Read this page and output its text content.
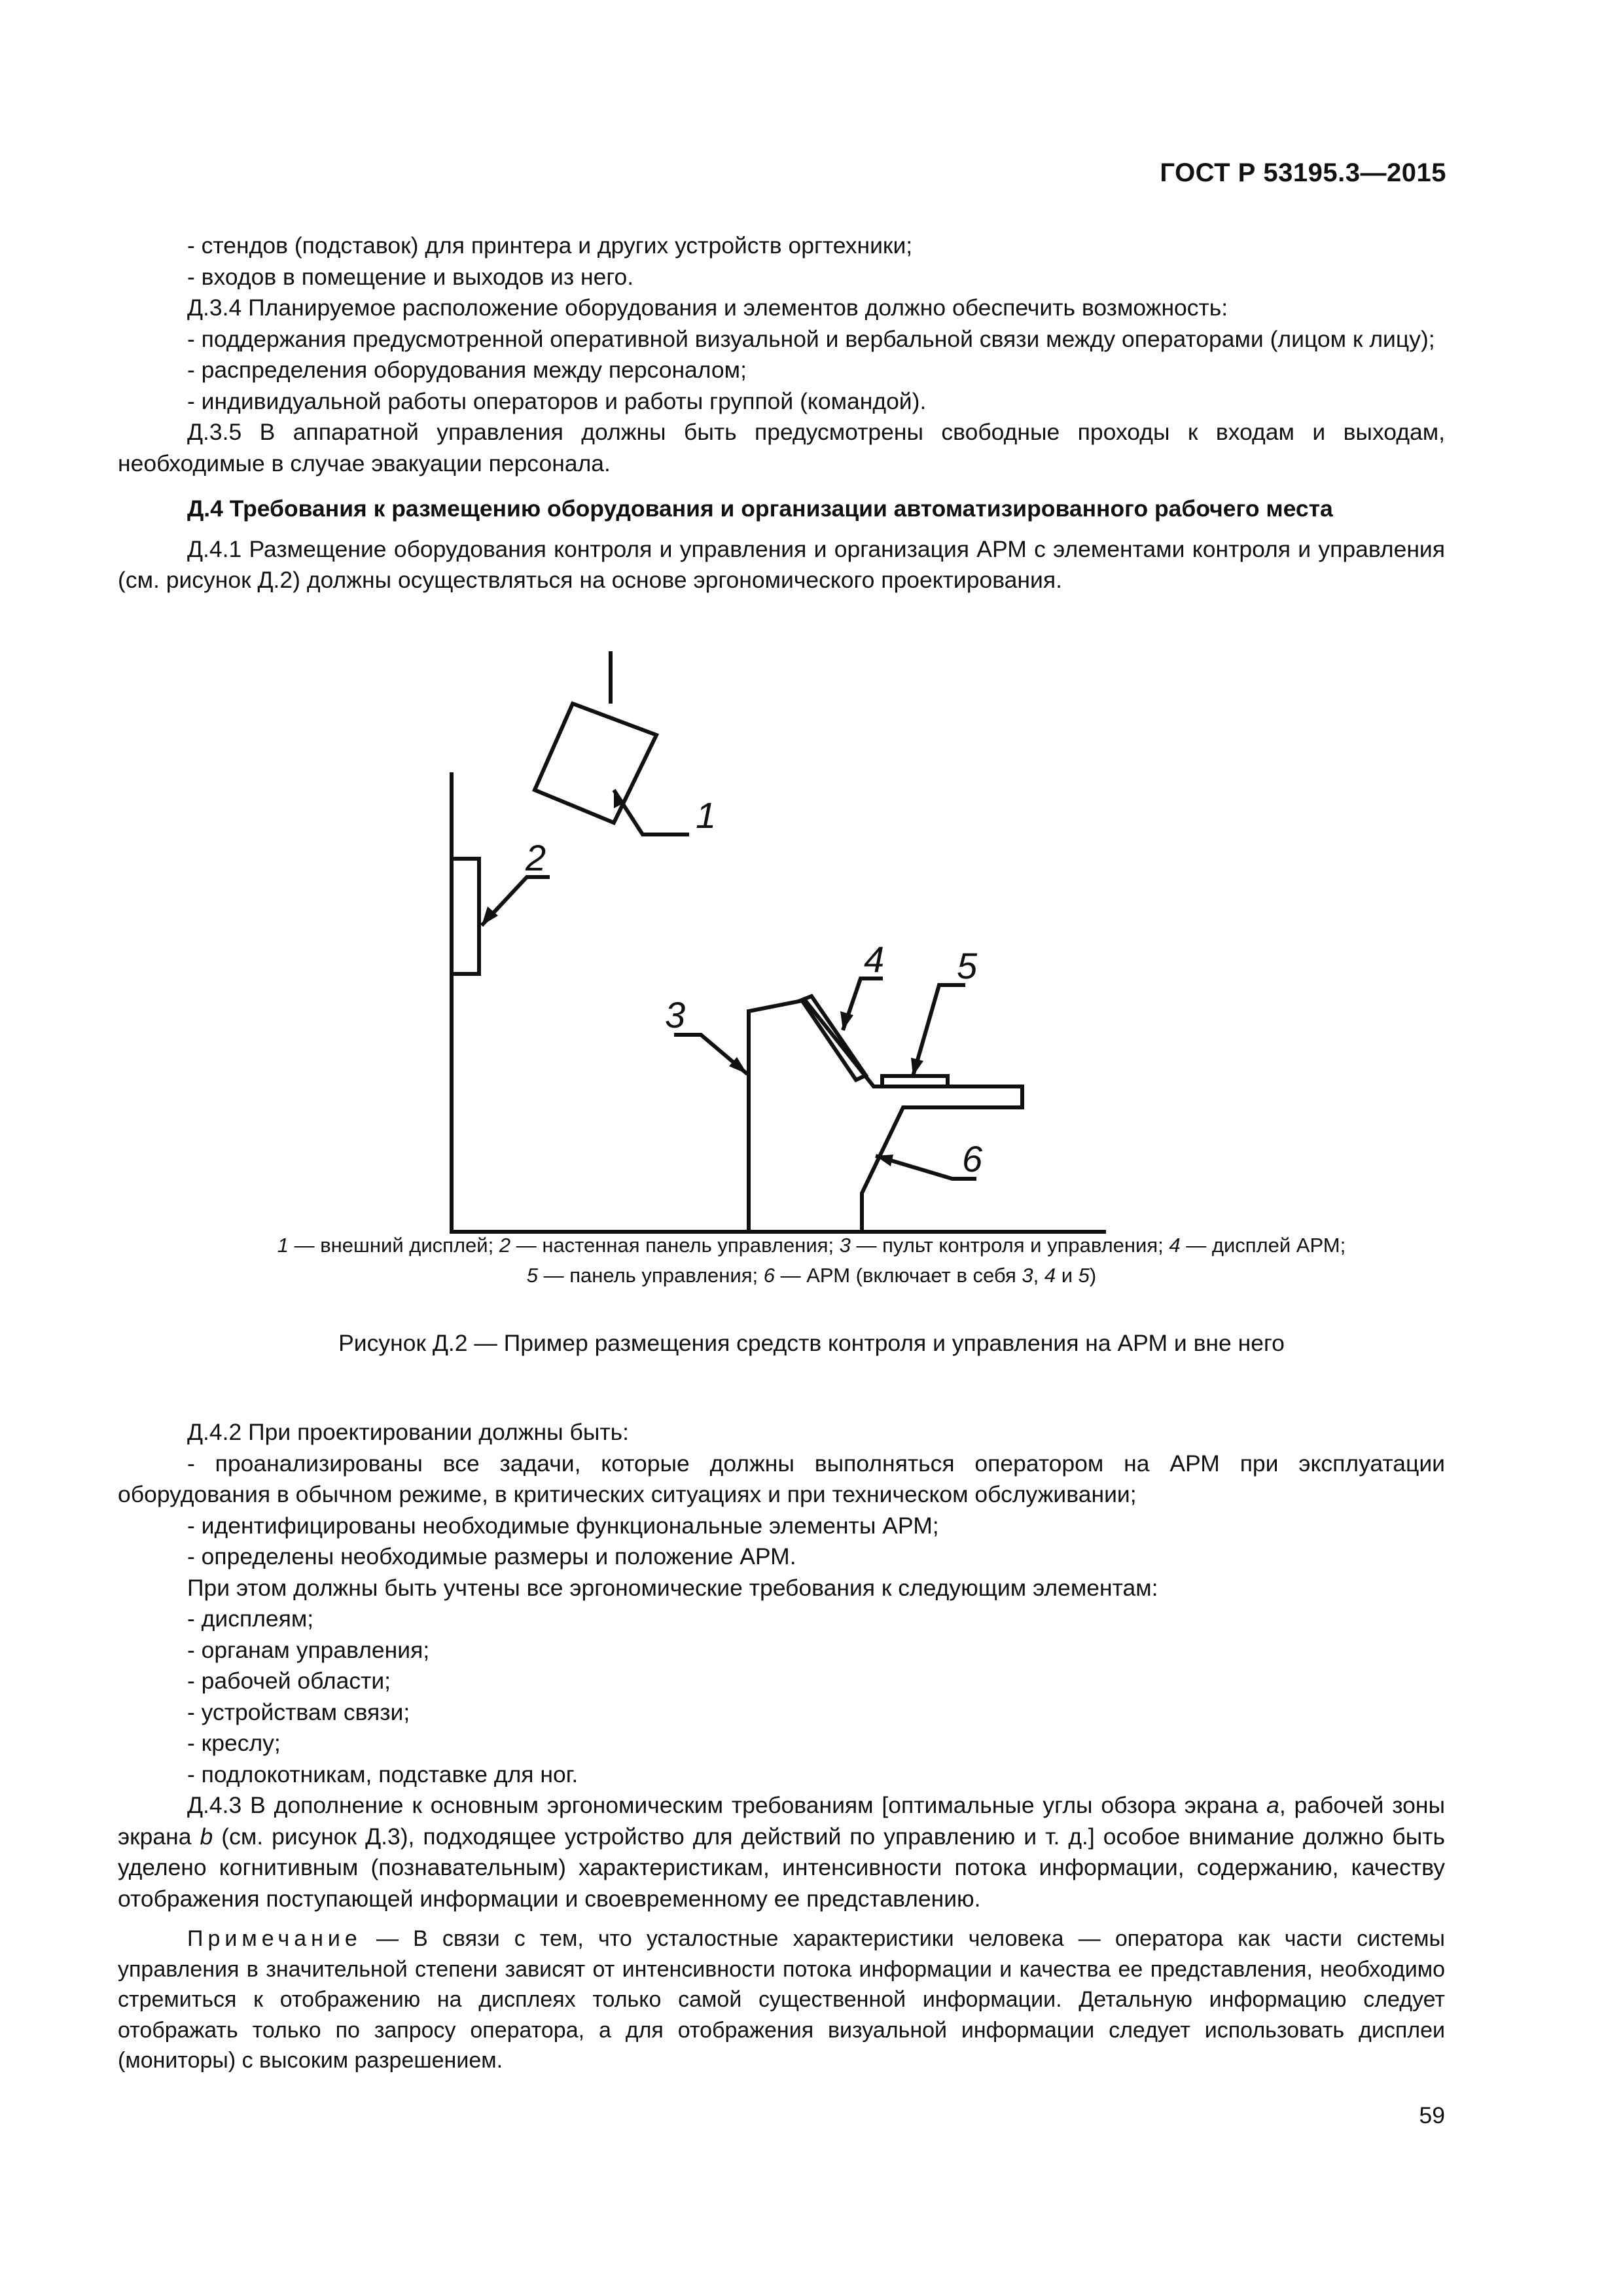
ГОСТ Р 53195.3—2015

- стендов (подставок) для принтера и других устройств оргтехники;

- входов в помещение и выходов из него.

Д.3.4 Планируемое расположение оборудования и элементов должно обеспечить возможность:

- поддержания предусмотренной оперативной визуальной и вербальной связи между операторами (лицом к лицу);

- распределения оборудования между персоналом;

- индивидуальной работы операторов и работы группой (командой).

Д.3.5 В аппаратной управления должны быть предусмотрены свободные проходы к входам и выходам, необходимые в случае эвакуации персонала.

Д.4 Требования к размещению оборудования и организации автоматизированного рабочего места

Д.4.1 Размещение оборудования контроля и управления и организация АРМ с элементами контроля и управления (см. рисунок Д.2) должны осуществляться на основе эргономического проектирования.

1
2
3
4 5
6
1 — внешний дисплей; 2 — настенная панель управления; 3 — пульт контроля и управления; 4 — дисплей АРМ;
5 — панель управления; 6 — АРМ (включает в себя 3, 4 и 5)
Рисунок Д.2 — Пример размещения средств контроля и управления на АРМ и вне него

Д.4.2 При проектировании должны быть:

- проанализированы все задачи, которые должны выполняться оператором на АРМ при эксплуатации оборудования в обычном режиме, в критических ситуациях и при техническом обслуживании;

- идентифицированы необходимые функциональные элементы АРМ;

- определены необходимые размеры и положение АРМ.

При этом должны быть учтены все эргономические требования к следующим элементам:

- дисплеям;

- органам управления;

- рабочей области;

- устройствам связи;

- креслу;

- подлокотникам, подставке для ног.

Д.4.3 В дополнение к основным эргономическим требованиям [оптимальные углы обзора экрана a, рабочей зоны экрана b (см. рисунок Д.3), подходящее устройство для действий по управлению и т. д.] особое внимание должно быть уделено когнитивным (познавательным) характеристикам, интенсивности потока информации, содержанию, качеству отображения поступающей информации и своевременному ее представлению.

Примечание — В связи с тем, что усталостные характеристики человека — оператора как части системы управления в значительной степени зависят от интенсивности потока информации и качества ее представления, необходимо стремиться к отображению на дисплеях только самой существенной информации. Детальную информацию следует отображать только по запросу оператора, а для отображения визуальной информации следует использовать дисплеи (мониторы) с высоким разрешением.

59
